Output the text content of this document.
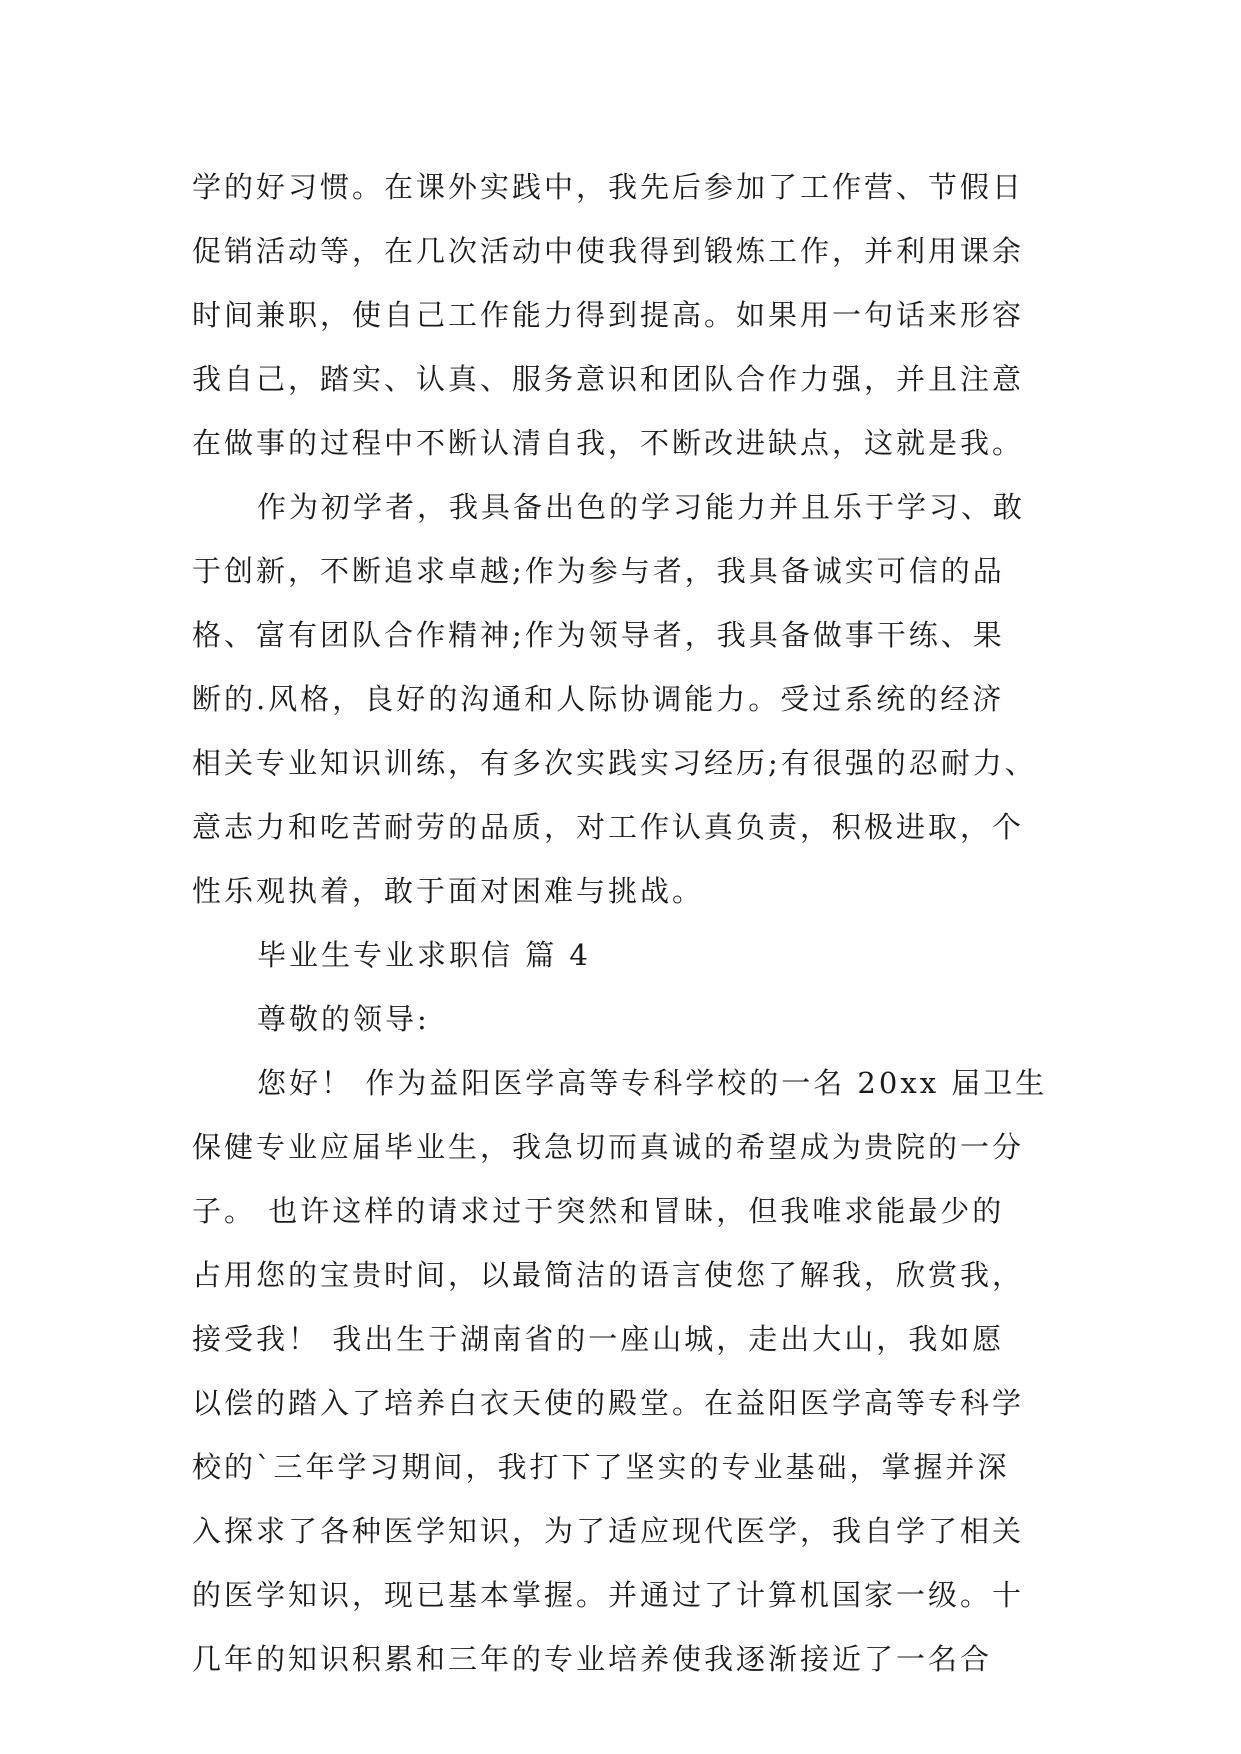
学的好习惯。在课外实践中，我先后参加了工作营、节假日
促销活动等，在几次活动中使我得到锻炼工作，并利用课余
时间兼职，使自己工作能力得到提高。如果用一句话来形容
我自己，踏实、认真、服务意识和团队合作力强，并且注意
在做事的过程中不断认清自我，不断改进缺点，这就是我。
作为初学者，我具备出色的学习能力并且乐于学习、敢
于创新，不断追求卓越;作为参与者，我具备诚实可信的品
格、富有团队合作精神;作为领导者，我具备做事干练、果
断的.风格，良好的沟通和人际协调能力。受过系统的经济
相关专业知识训练，有多次实践实习经历;有很强的忍耐力、
意志力和吃苦耐劳的品质，对工作认真负责，积极进取，个
性乐观执着，敢于面对困难与挑战。
毕业生专业求职信 篇 4
尊敬的领导:
您好！ 作为益阳医学高等专科学校的一名 20xx 届卫生
保健专业应届毕业生，我急切而真诚的希望成为贵院的一分
子。 也许这样的请求过于突然和冒昧，但我唯求能最少的
占用您的宝贵时间，以最简洁的语言使您了解我，欣赏我，
接受我！ 我出生于湖南省的一座山城，走出大山，我如愿
以偿的踏入了培养白衣天使的殿堂。在益阳医学高等专科学
校的`三年学习期间，我打下了坚实的专业基础，掌握并深
入探求了各种医学知识，为了适应现代医学，我自学了相关
的医学知识，现已基本掌握。并通过了计算机国家一级。十
几年的知识积累和三年的专业培养使我逐渐接近了一名合
